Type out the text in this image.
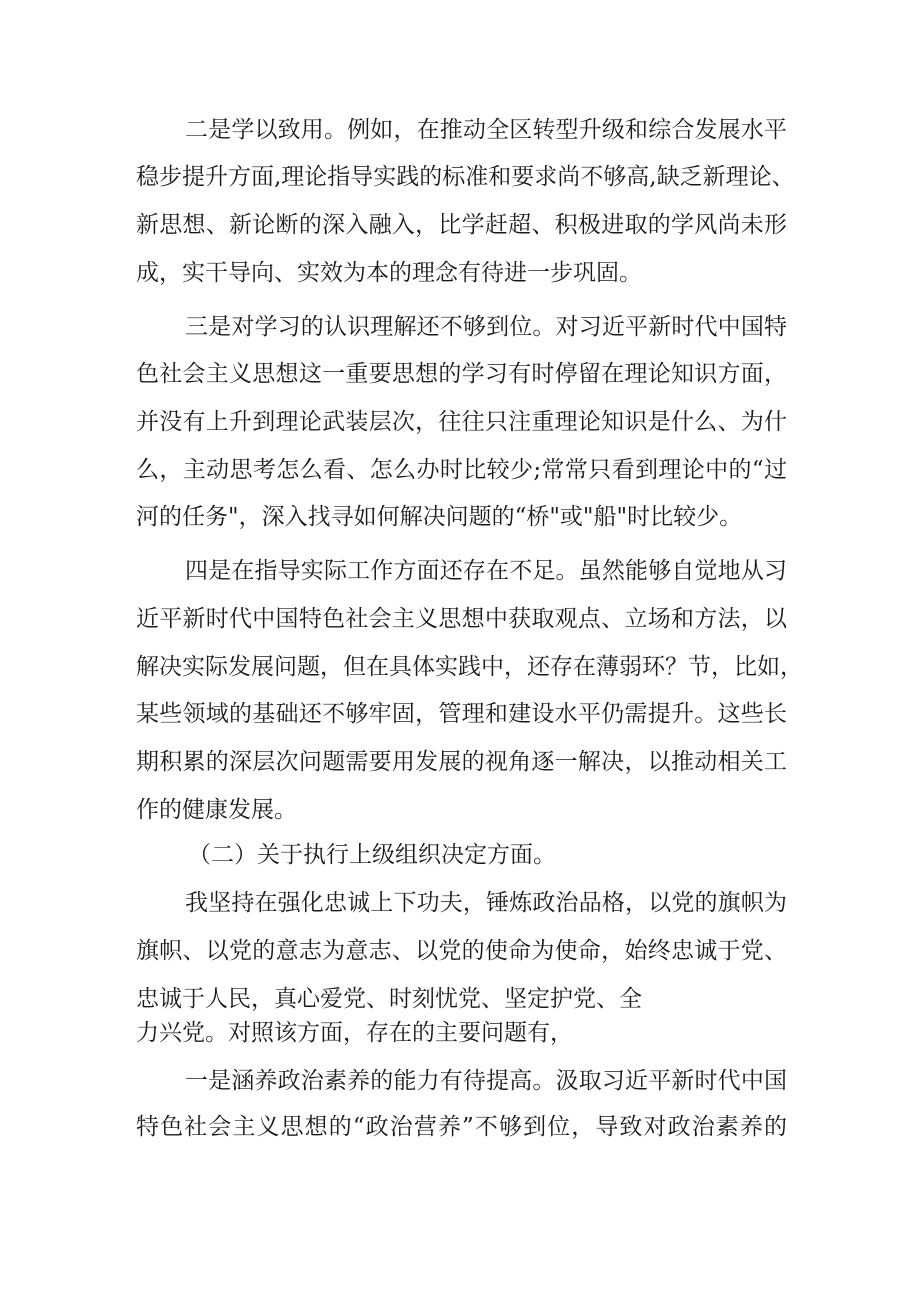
二是学以致用。例如，在推动全区转型升级和综合发展水平

稳步提升方面,理论指导实践的标准和要求尚不够高,缺乏新理论、

新思想、新论断的深入融入，比学赶超、积极进取的学风尚未形

成，实干导向、实效为本的理念有待进一步巩固。

三是对学习的认识理解还不够到位。对习近平新时代中国特

色社会主义思想这一重要思想的学习有时停留在理论知识方面，

并没有上升到理论武装层次，往往只注重理论知识是什么、为什

么，主动思考怎么看、怎么办时比较少;常常只看到理论中的“过

河的任务"，深入找寻如何解决问题的“桥"或"船"时比较少。

四是在指导实际工作方面还存在不足。虽然能够自觉地从习

近平新时代中国特色社会主义思想中获取观点、立场和方法，以

解决实际发展问题，但在具体实践中，还存在薄弱环？节，比如，

某些领域的基础还不够牢固，管理和建设水平仍需提升。这些长

期积累的深层次问题需要用发展的视角逐一解决，以推动相关工

作的健康发展。

（二）关于执行上级组织决定方面。

我坚持在强化忠诚上下功夫，锤炼政治品格，以党的旗帜为

旗帜、以党的意志为意志、以党的使命为使命，始终忠诚于党、

忠诚于人民，真心爱党、时刻忧党、坚定护党、全

力兴党。对照该方面，存在的主要问题有，

一是涵养政治素养的能力有待提高。汲取习近平新时代中国

特色社会主义思想的“政治营养”不够到位，导致对政治素养的
